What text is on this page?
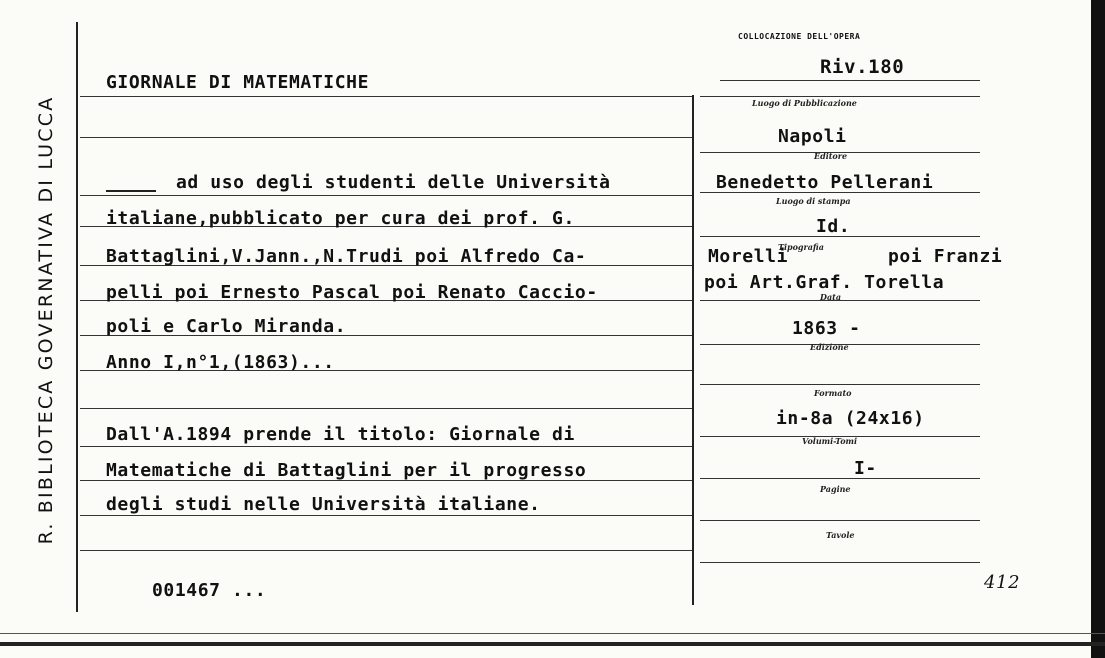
R. BIBLIOTECA GOVERNATIVA DI LUCCA
GIORNALE DI MATEMATICHE
ad uso degli studenti delle Università
italiane,pubblicato per cura dei prof. G.
Battaglini,V.Jann.,N.Trudi poi Alfredo Ca-
pelli poi Ernesto Pascal poi Renato Caccio-
poli e Carlo Miranda.
Anno I,n°1,(1863)...
Dall'A.1894 prende il titolo: Giornale di
Matematiche di Battaglini per il progresso
degli studi nelle Università italiane.
001467 ...
COLLOCAZIONE DELL'OPERA
Riv.180
Luogo di Pubblicazione
Napoli
Editore
Benedetto Pellerani
Luogo di stampa
Id.
Morelli
Tipografia	poi Franzi
poi Art.Graf. Torella
Data
1863 -
Edizione
Formato
in-8a (24x16)
Volumi-Tomi
I-
Pagine
Tavole
412
